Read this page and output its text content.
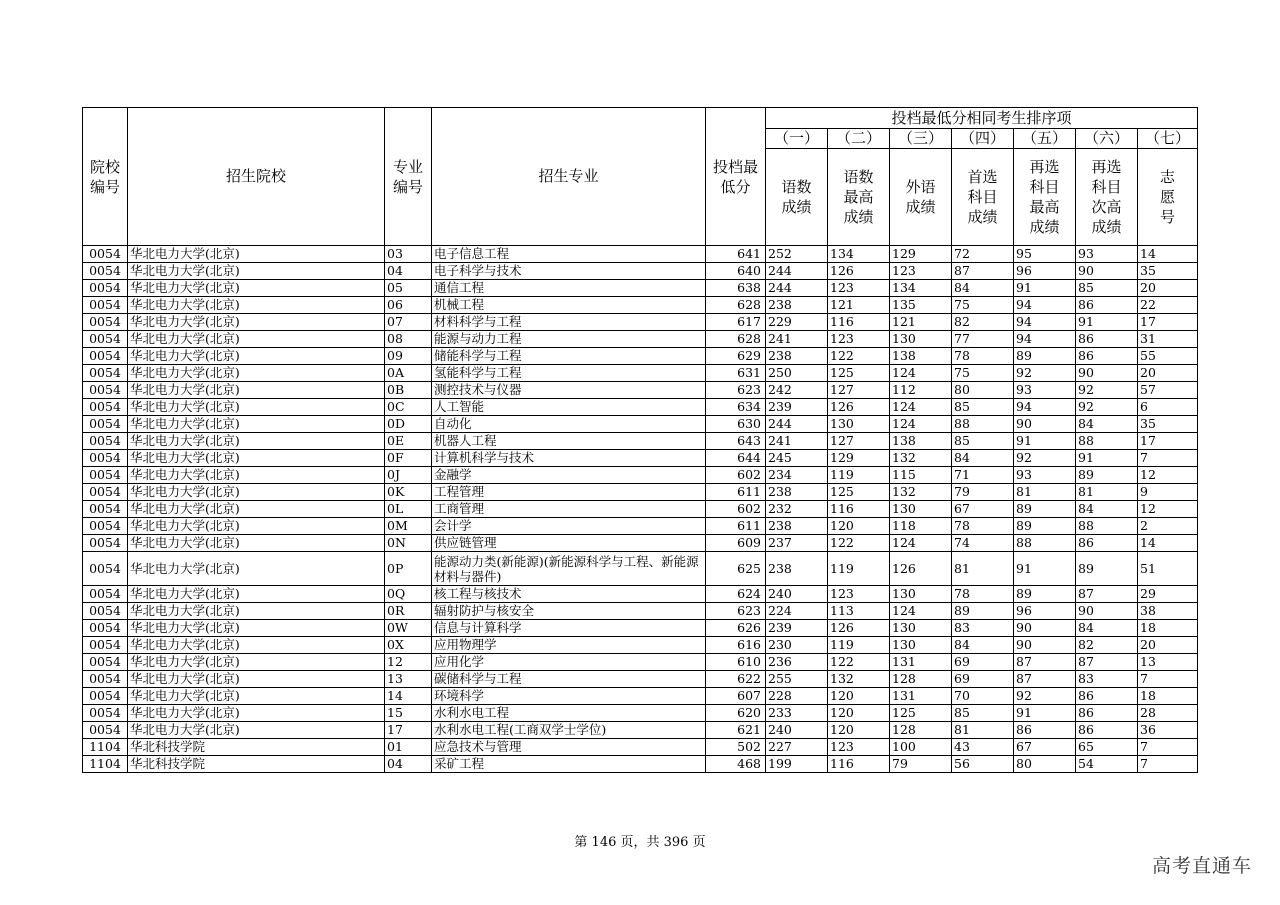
院校编号	招生院校	专业编号	招生专业	投档最低分	投档最低分相同考生排序项						
					（一）	（二）	（三）	（四）	（五）	（六）	（七）
					语数成绩	语数最高成绩	外语成绩	首选科目成绩	再选科目最高成绩	再选科目次高成绩	志愿号
0054	华北电力大学(北京)	03	电子信息工程	641	252	134	129	72	95	93	14
0054	华北电力大学(北京)	04	电子科学与技术	640	244	126	123	87	96	90	35
0054	华北电力大学(北京)	05	通信工程	638	244	123	134	84	91	85	20
0054	华北电力大学(北京)	06	机械工程	628	238	121	135	75	94	86	22
0054	华北电力大学(北京)	07	材料科学与工程	617	229	116	121	82	94	91	17
0054	华北电力大学(北京)	08	能源与动力工程	628	241	123	130	77	94	86	31
0054	华北电力大学(北京)	09	储能科学与工程	629	238	122	138	78	89	86	55
0054	华北电力大学(北京)	0A	氢能科学与工程	631	250	125	124	75	92	90	20
0054	华北电力大学(北京)	0B	测控技术与仪器	623	242	127	112	80	93	92	57
0054	华北电力大学(北京)	0C	人工智能	634	239	126	124	85	94	92	6
0054	华北电力大学(北京)	0D	自动化	630	244	130	124	88	90	84	35
0054	华北电力大学(北京)	0E	机器人工程	643	241	127	138	85	91	88	17
0054	华北电力大学(北京)	0F	计算机科学与技术	644	245	129	132	84	92	91	7
0054	华北电力大学(北京)	0J	金融学	602	234	119	115	71	93	89	12
0054	华北电力大学(北京)	0K	工程管理	611	238	125	132	79	81	81	9
0054	华北电力大学(北京)	0L	工商管理	602	232	116	130	67	89	84	12
0054	华北电力大学(北京)	0M	会计学	611	238	120	118	78	89	88	2
0054	华北电力大学(北京)	0N	供应链管理	609	237	122	124	74	88	86	14
0054	华北电力大学(北京)	0P	能源动力类(新能源)(新能源科学与工程、新能源材料与器件)	625	238	119	126	81	91	89	51
0054	华北电力大学(北京)	0Q	核工程与核技术	624	240	123	130	78	89	87	29
0054	华北电力大学(北京)	0R	辐射防护与核安全	623	224	113	124	89	96	90	38
0054	华北电力大学(北京)	0W	信息与计算科学	626	239	126	130	83	90	84	18
0054	华北电力大学(北京)	0X	应用物理学	616	230	119	130	84	90	82	20
0054	华北电力大学(北京)	12	应用化学	610	236	122	131	69	87	87	13
0054	华北电力大学(北京)	13	碳储科学与工程	622	255	132	128	69	87	83	7
0054	华北电力大学(北京)	14	环境科学	607	228	120	131	70	92	86	18
0054	华北电力大学(北京)	15	水利水电工程	620	233	120	125	85	91	86	28
0054	华北电力大学(北京)	17	水利水电工程(工商双学士学位)	621	240	120	128	81	86	86	36
1104	华北科技学院	01	应急技术与管理	502	227	123	100	43	67	65	7
1104	华北科技学院	04	采矿工程	468	199	116	79	56	80	54	7
第 146 页，共 396 页
高考直通车
